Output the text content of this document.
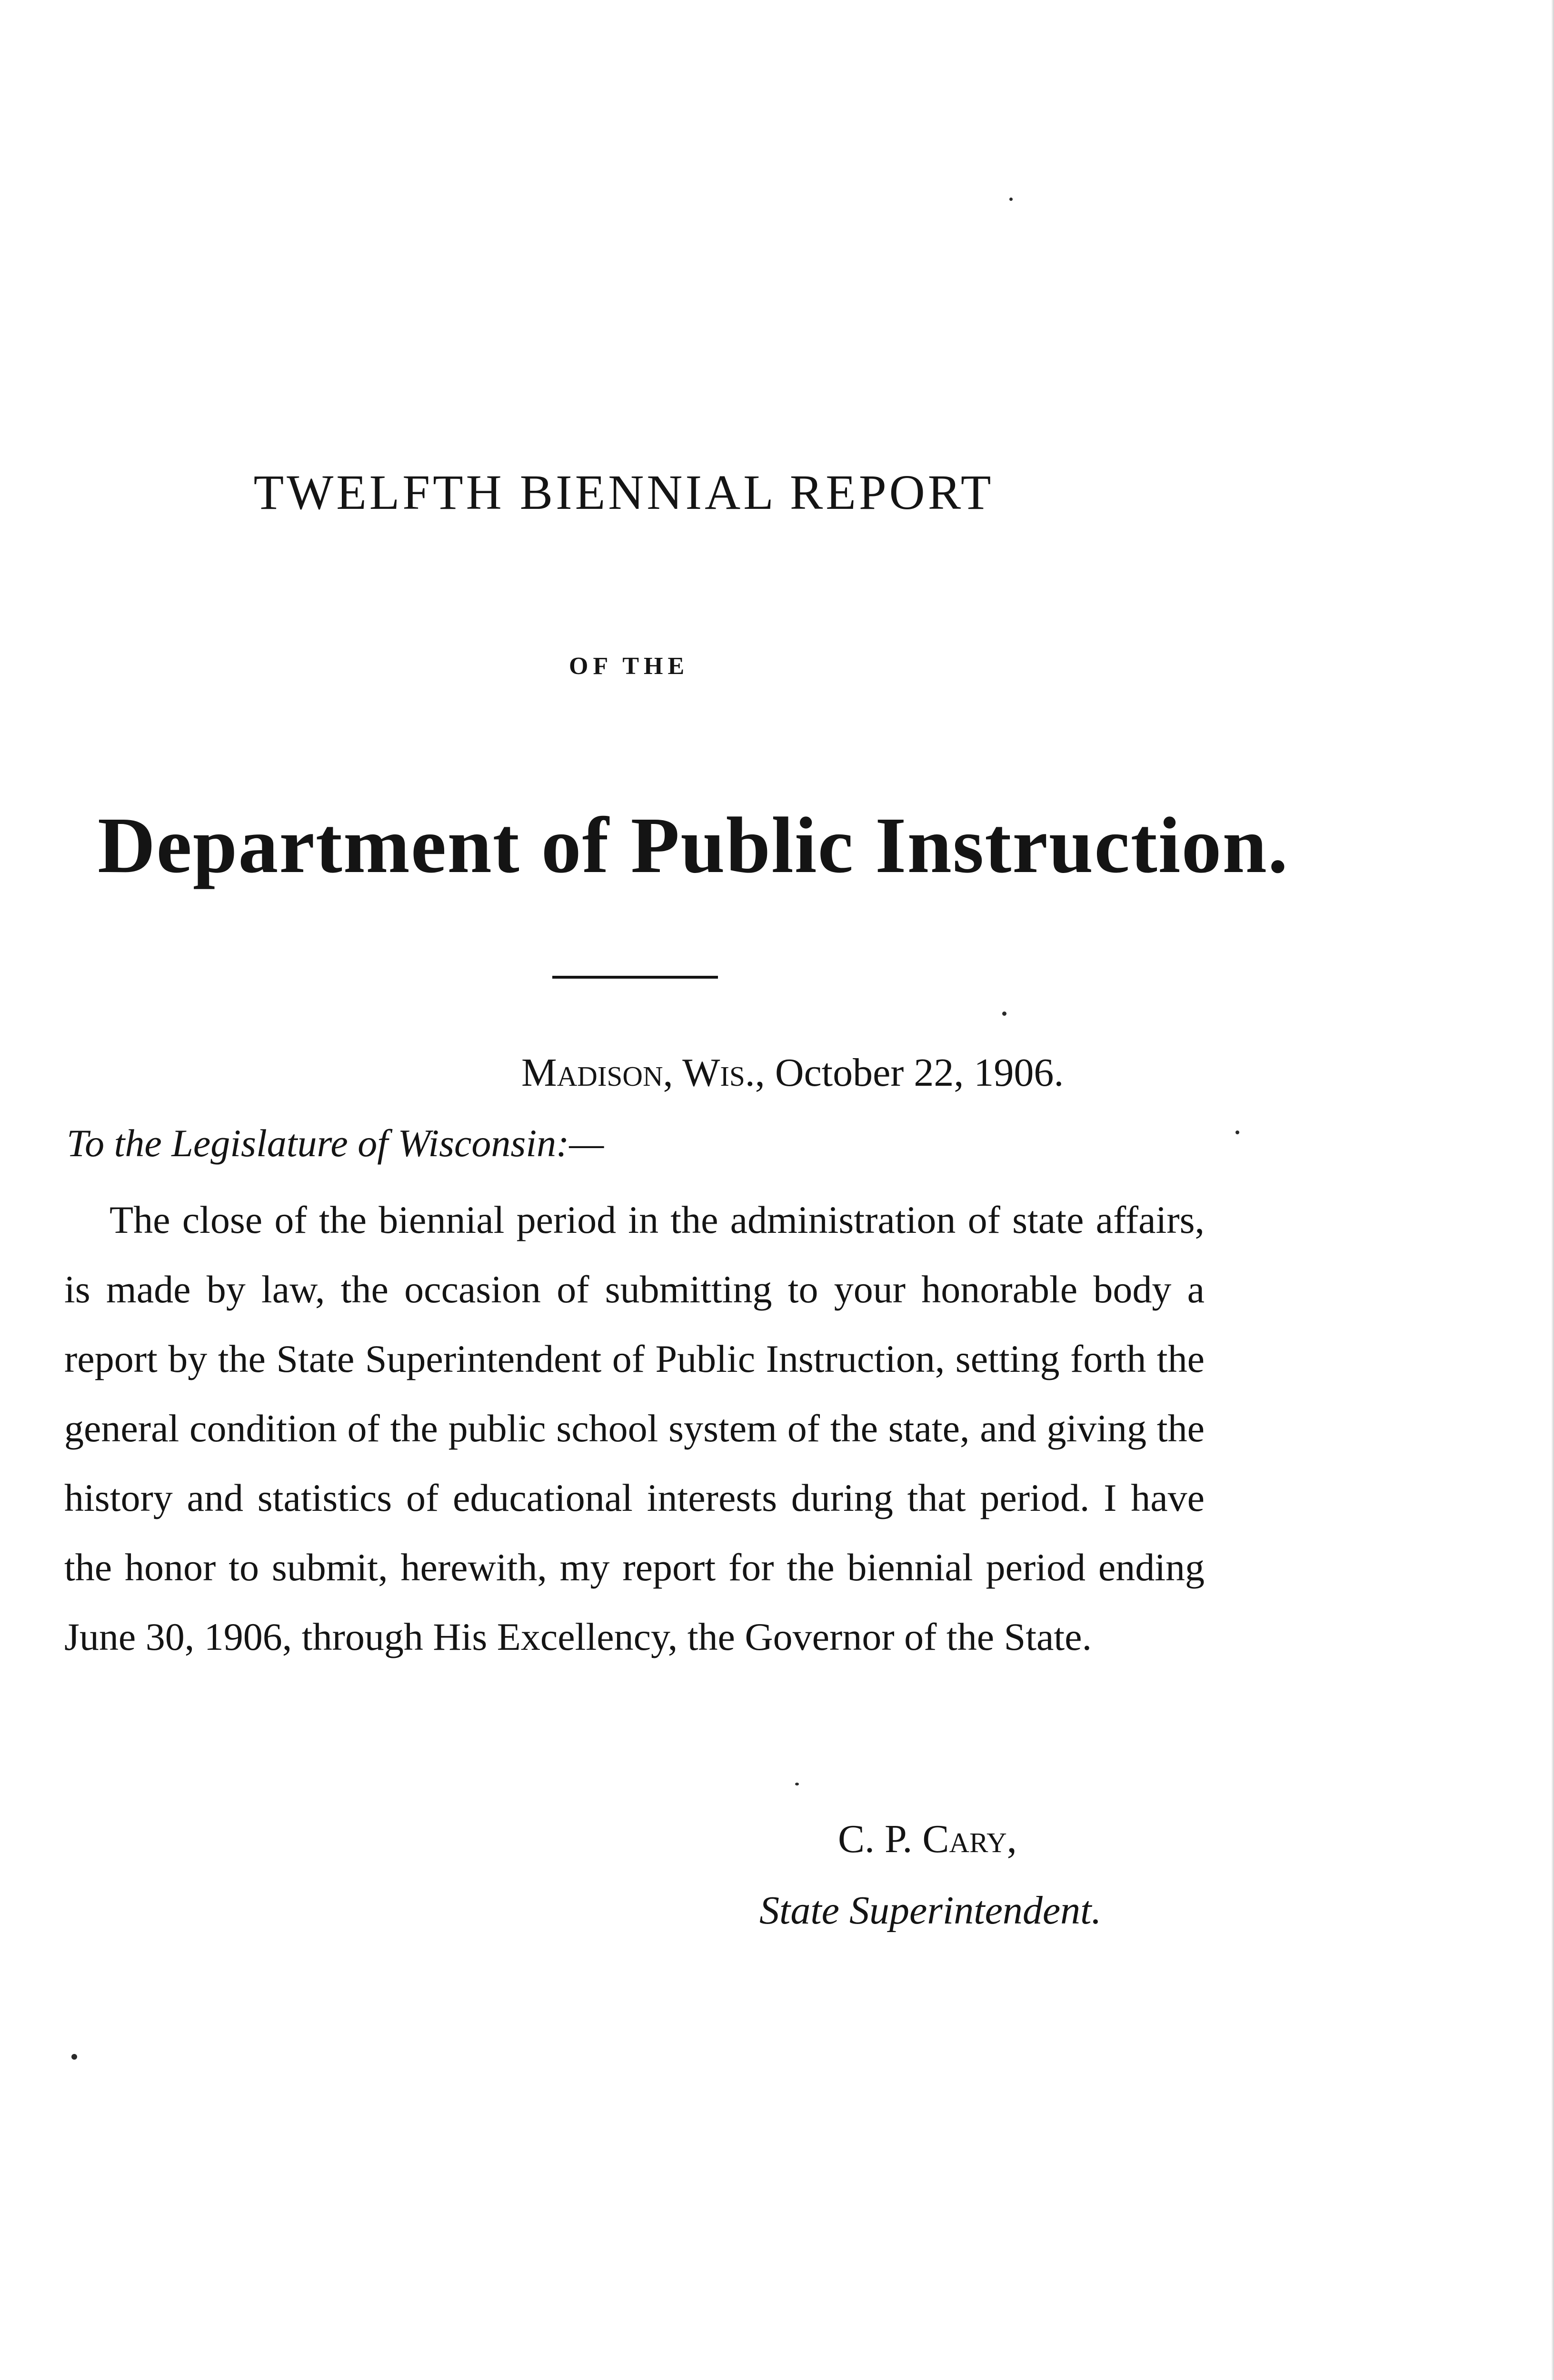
TWELFTH BIENNIAL REPORT
OF THE
Department of Public Instruction.
Madison, Wis., October 22, 1906.
To the Legislature of Wisconsin:—

The close of the biennial period in the administration of state affairs, is made by law, the occasion of submitting to your honorable body a report by the State Superintendent of Public Instruction, setting forth the general condition of the public school system of the state, and giving the history and statistics of educational interests during that period. I have the honor to submit, herewith, my report for the biennial period ending June 30, 1906, through His Excellency, the Governor of the State.

C. P. Cary,
State Superintendent.
